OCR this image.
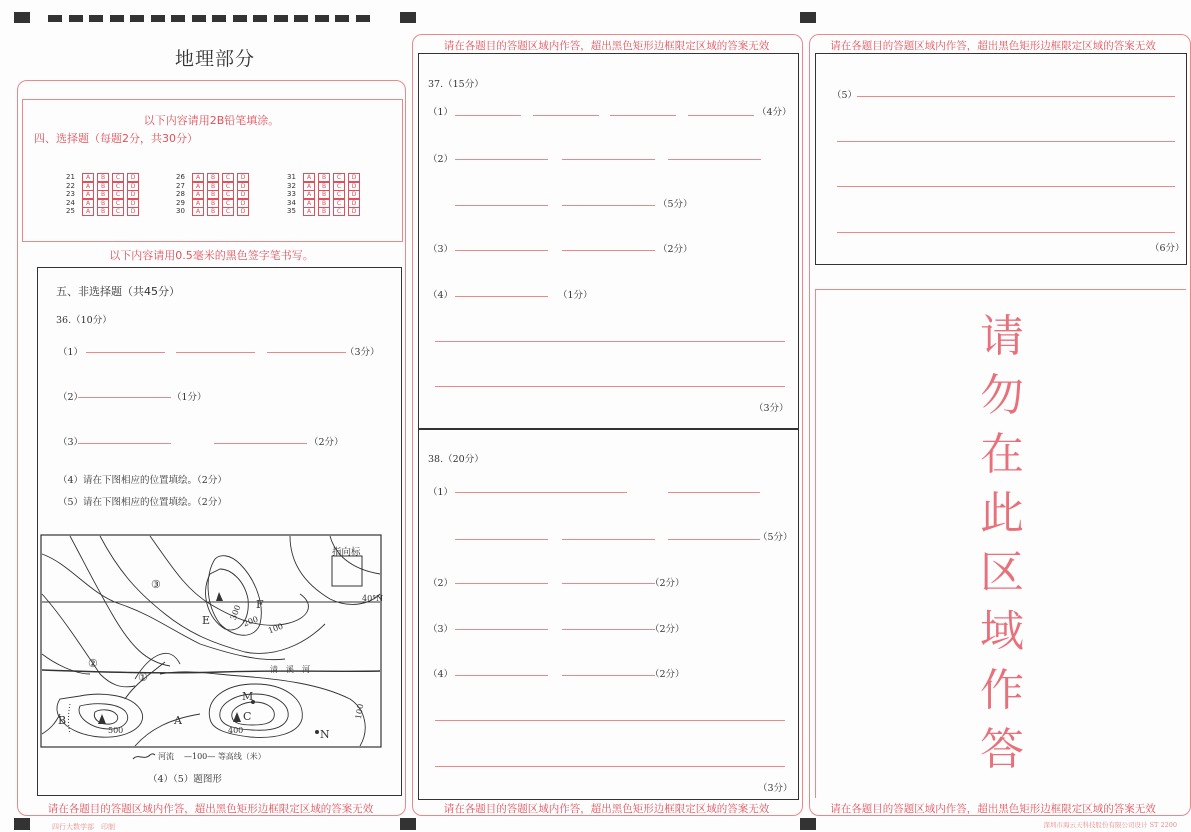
地理部分
以下内容请用2B铅笔填涂。
四、选择题（每题2分，共30分）
21 A B C D
22 A B C D
23 A B C D
24 A B C D
25 A B C D
26 A B C D
27 A B C D
28 A B C D
29 A B C D
30 A B C D
31 A B C D
32 A B C D
33 A B C D
34 A B C D
35 A B C D
以下内容请用0.5毫米的黑色签字笔书写。
五、非选择题（共45分）
36.（10分）
（1）	（3分）
（2）	（1分）
（3）	（2分）
（4）请在下图相应的位置填绘。（2分）
（5）请在下图相应的位置填绘。（2分）
指向标
40°N
清　溪　河
③
②
①
E
F
B	A	C
M
N
300
200
100
500	400
100
河流 —100— 等高线（米）
（4）（5）题图形
请在各题目的答题区域内作答，超出黑色矩形边框限定区域的答案无效
四行大数学部　印制
请在各题目的答题区域内作答，超出黑色矩形边框限定区域的答案无效
37.（15分）
（1）	（4分）
（2）
（5分）
（3）	（2分）
（4）	（1分）
（3分）
38.（20分）
（1）
（5分）
（2）	（2分）
（3）	（2分）
（4）	（2分）
（3分）
请在各题目的答题区域内作答，超出黑色矩形边框限定区域的答案无效
请在各题目的答题区域内作答，超出黑色矩形边框限定区域的答案无效
（5）
（6分）
请
勿
在
此
区
域
作
答
请在各题目的答题区域内作答，超出黑色矩形边框限定区域的答案无效
深圳市海云天科技股份有限公司设计 ST 2200
